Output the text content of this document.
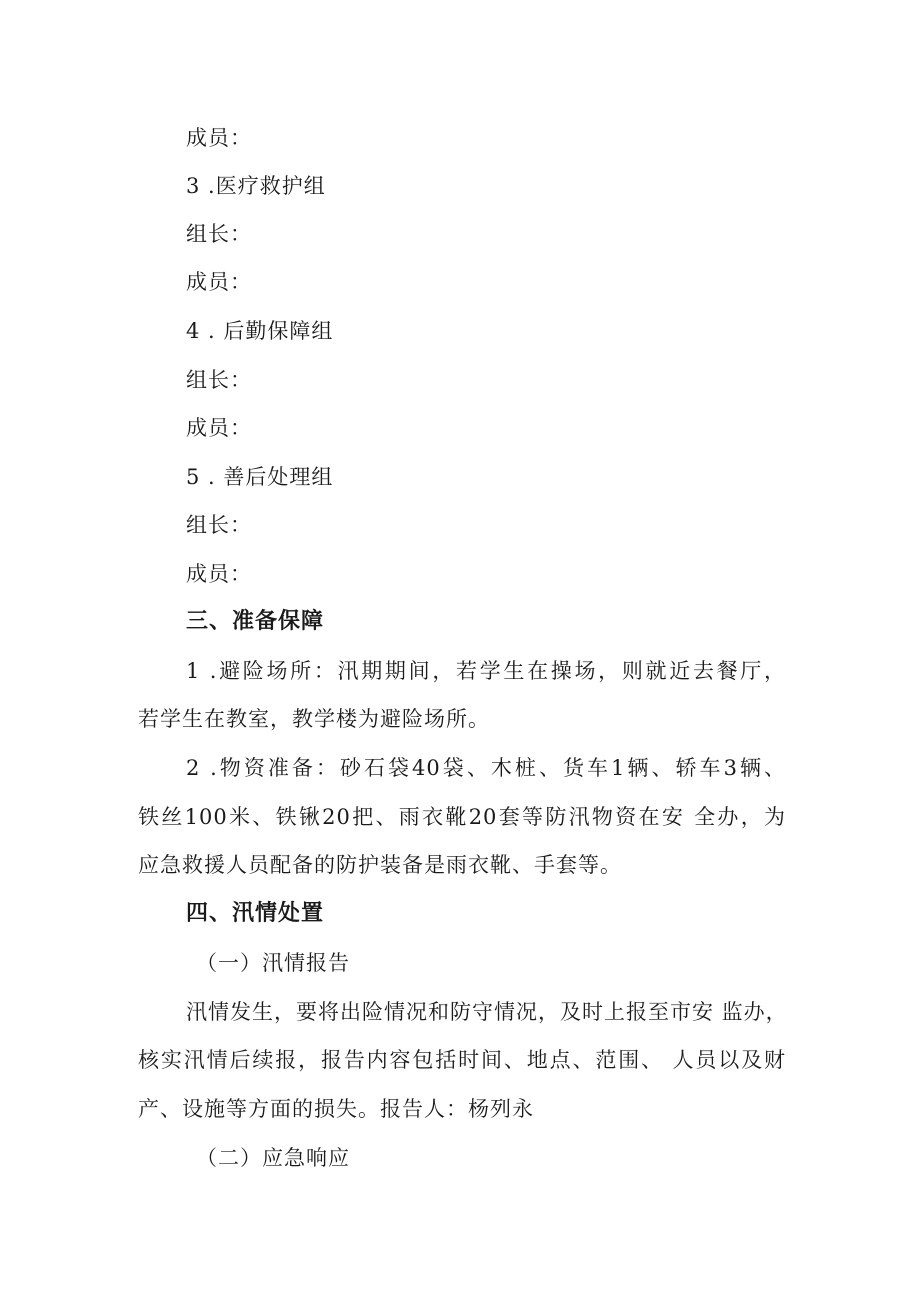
成员：
3 .医疗救护组
组长：
成员：
4 . 后勤保障组
组长：
成员：
5 . 善后处理组
组长：
成员：
三、准备保障
1 .避险场所：汛期期间，若学生在操场，则就近去餐厅，
若学生在教室，教学楼为避险场所。
2 .物资准备：砂石袋40袋、木桩、货车1辆、轿车3辆、
铁丝100米、铁锹20把、雨衣靴20套等防汛物资在安 全办，为
应急救援人员配备的防护装备是雨衣靴、手套等。
四、汛情处置
（一）汛情报告
汛情发生，要将出险情况和防守情况，及时上报至市安 监办，
核实汛情后续报，报告内容包括时间、地点、范围、 人员以及财
产、设施等方面的损失。报告人：杨列永
（二）应急响应
